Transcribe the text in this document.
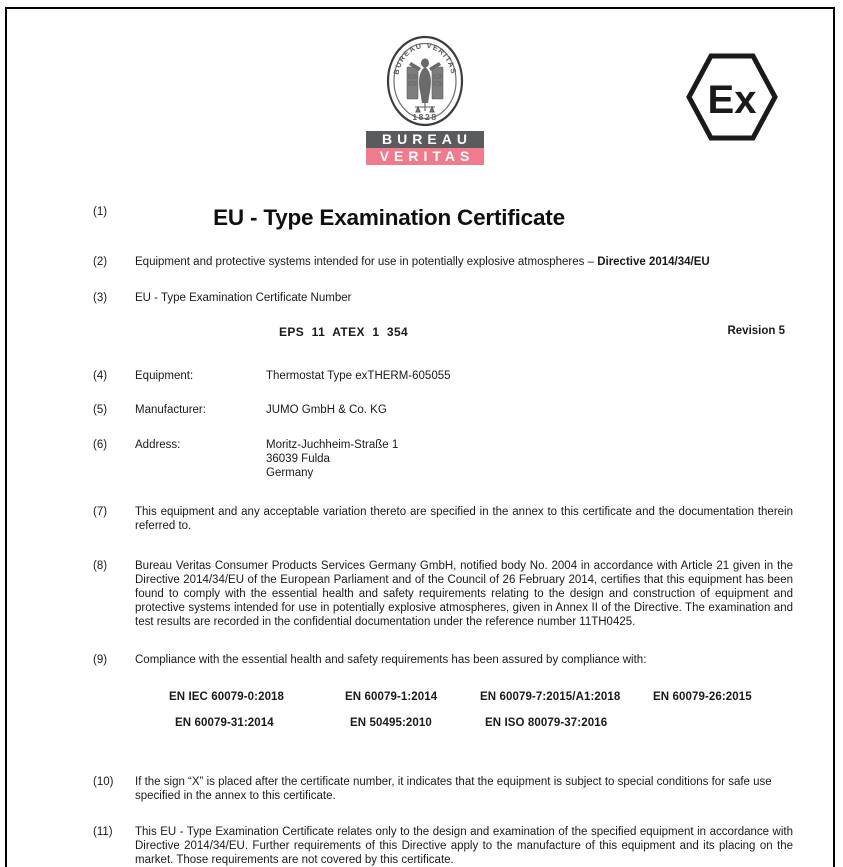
BUREAU VERITAS
1828
BUREAU
VERITAS
Ex
(1)	EU - Type Examination Certificate
(2)	Equipment and protective systems intended for use in potentially explosive atmospheres – Directive 2014/34/EU
(3)	EU - Type Examination Certificate Number
EPS  11  ATEX  1  354	Revision 5
(4)	Equipment:	Thermostat Type exTHERM-605055
(5)	Manufacturer:	JUMO GmbH & Co. KG
(6)	Address:	Moritz-Juchheim-Straße 1
36039 Fulda
Germany
(7)	This equipment and any acceptable variation thereto are specified in the annex to this certificate and the documentation therein referred to.
(8)	Bureau Veritas Consumer Products Services Germany GmbH, notified body No. 2004 in accordance with Article 21 given in the Directive 2014/34/EU of the European Parliament and of the Council of 26 February 2014, certifies that this equipment has been found to comply with the essential health and safety requirements relating to the design and construction of equipment and protective systems intended for use in potentially explosive atmospheres, given in Annex II of the Directive. The examination and test results are recorded in the confidential documentation under the reference number 11TH0425.
(9)	Compliance with the essential health and safety requirements has been assured by compliance with:
EN IEC 60079-0:2018	EN 60079-1:2014	EN 60079-7:2015/A1:2018	EN 60079-26:2015
EN 60079-31:2014	EN 50495:2010	EN ISO 80079-37:2016
(10)	If the sign “X” is placed after the certificate number, it indicates that the equipment is subject to special conditions for safe use specified in the annex to this certificate.
(11)	This EU - Type Examination Certificate relates only to the design and examination of the specified equipment in accordance with Directive 2014/34/EU. Further requirements of this Directive apply to the manufacture of this equipment and its placing on the market. Those requirements are not covered by this certificate.
